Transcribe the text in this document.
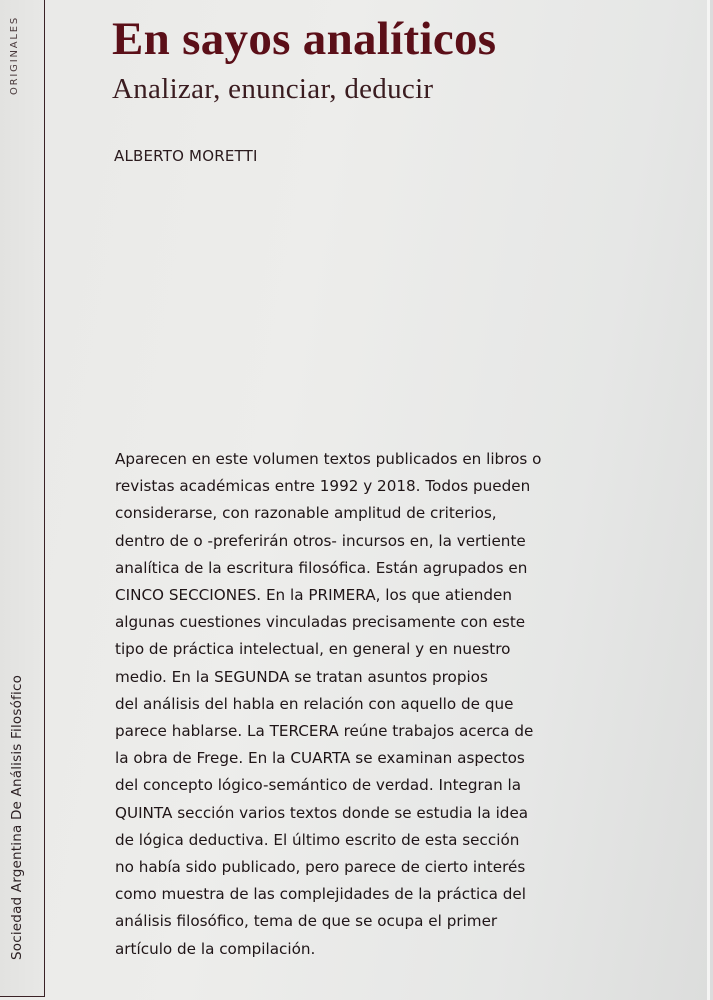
ORIGINALES
Sociedad Argentina De Análisis Filosófico
En sayos analíticos
Analizar, enunciar, deducir
ALBERTO MORETTI
Aparecen en este volumen textos publicados en libros o
revistas académicas entre 1992 y 2018. Todos pueden
considerarse, con razonable amplitud de criterios,
dentro de o -preferirán otros- incursos en, la vertiente
analítica de la escritura filosófica. Están agrupados en
CINCO SECCIONES. En la PRIMERA, los que atienden
algunas cuestiones vinculadas precisamente con este
tipo de práctica intelectual, en general y en nuestro
medio. En la SEGUNDA se tratan asuntos propios
del análisis del habla en relación con aquello de que
parece hablarse. La TERCERA reúne trabajos acerca de
la obra de Frege. En la CUARTA se examinan aspectos
del concepto lógico-semántico de verdad. Integran la
QUINTA sección varios textos donde se estudia la idea
de lógica deductiva. El último escrito de esta sección
no había sido publicado, pero parece de cierto interés
como muestra de las complejidades de la práctica del
análisis filosófico, tema de que se ocupa el primer
artículo de la compilación.
